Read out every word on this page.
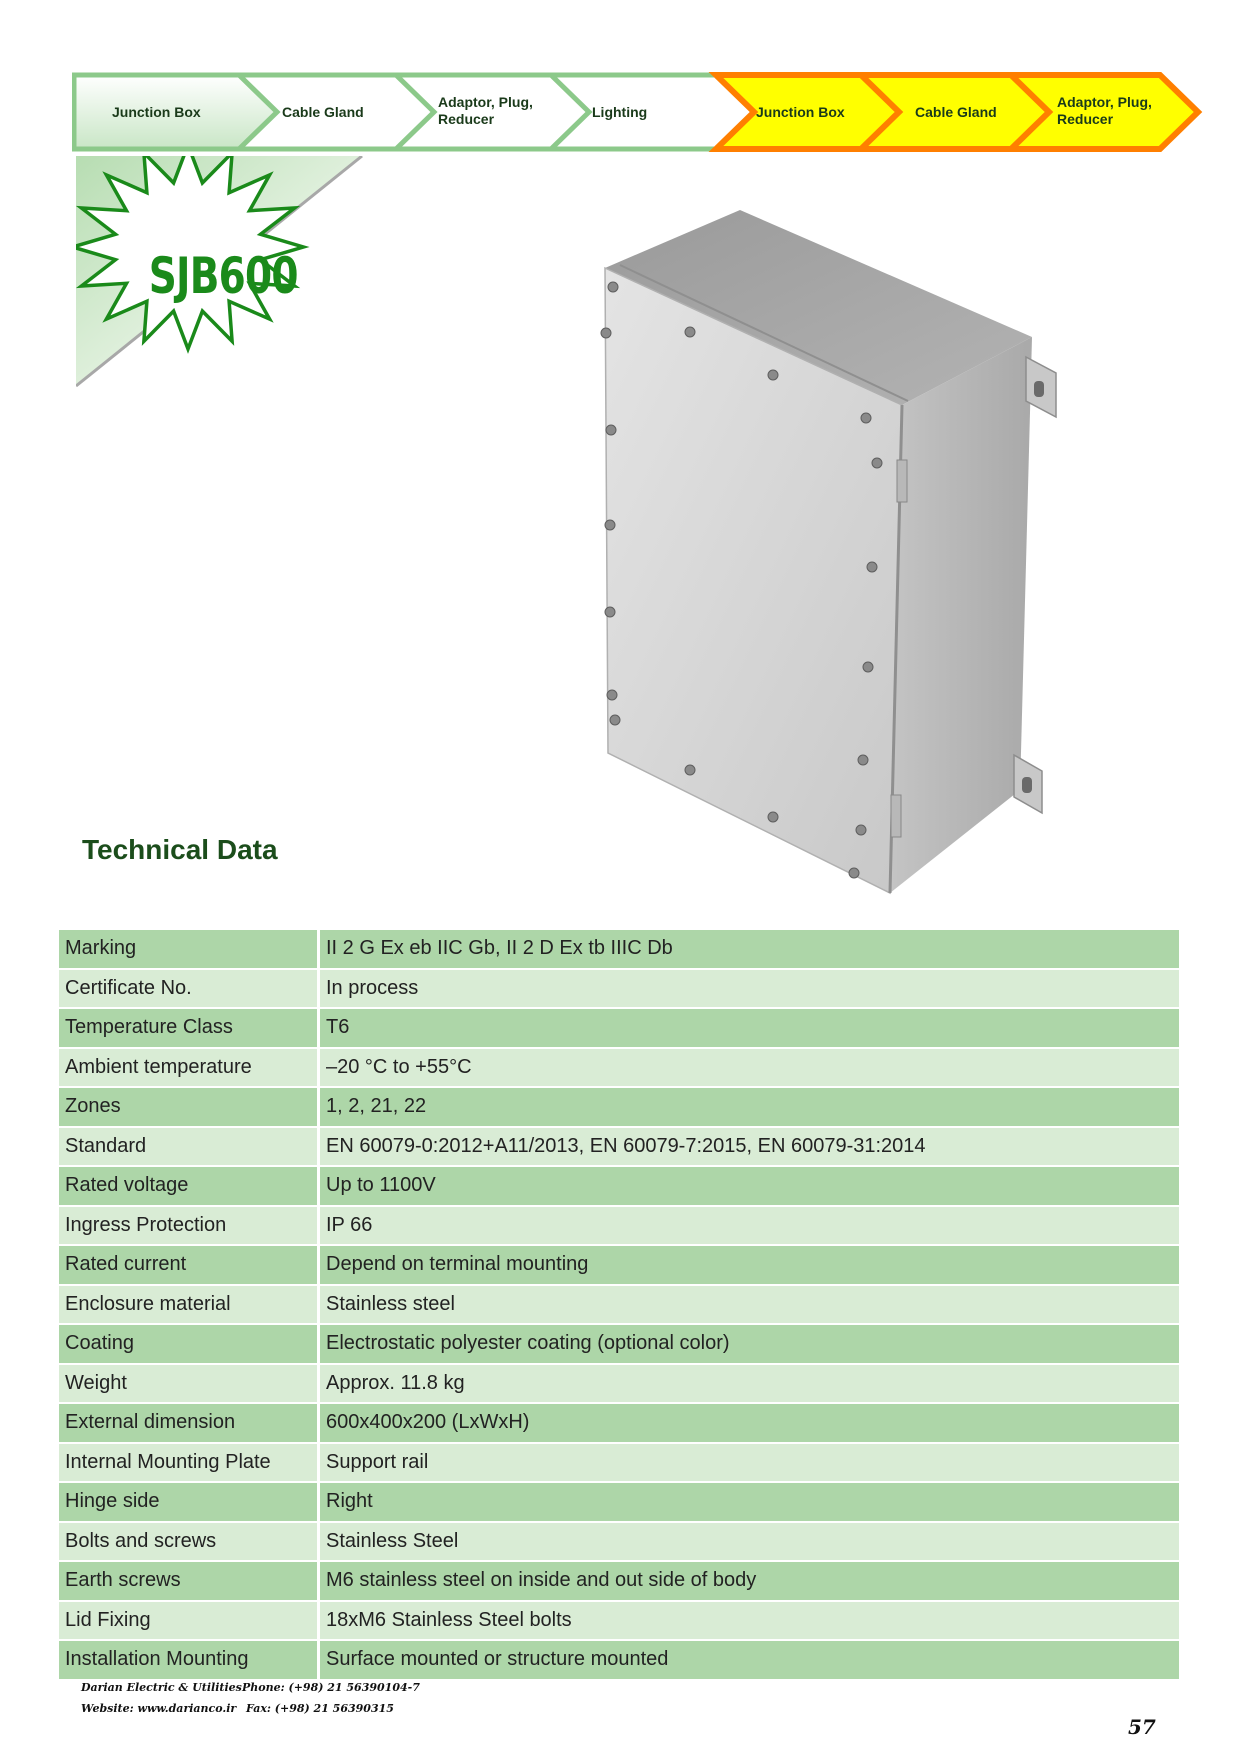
Junction Box	Cable Gland
Adaptor, Plug,
Reducer	Lighting	Junction Box	Cable Gland
Adaptor, Plug,
Reducer
SJB600
Technical Data
Marking	II 2 G Ex eb IIC Gb, II 2 D Ex tb IIIC Db
Certificate No.	In process
Temperature Class	T6
Ambient temperature	–20 °C to +55°C
Zones	1, 2, 21, 22
Standard	EN 60079-0:2012+A11/2013, EN 60079-7:2015, EN 60079-31:2014
Rated voltage	Up to 1100V
Ingress Protection	IP 66
Rated current	Depend on terminal mounting
Enclosure material	Stainless steel
Coating	Electrostatic polyester coating (optional color)
Weight	Approx. 11.8 kg
External dimension	600x400x200 (LxWxH)
Internal Mounting Plate	Support rail
Hinge side	Right
Bolts and screws	Stainless Steel
Earth screws	M6 stainless steel on inside and out side of body
Lid Fixing	18xM6 Stainless Steel bolts
Installation Mounting	Surface mounted or structure mounted
Darian Electric & Utilities Phone: (+98) 21 56390104-7
Website: www.darianco.ir Fax: (+98) 21 56390315
57
